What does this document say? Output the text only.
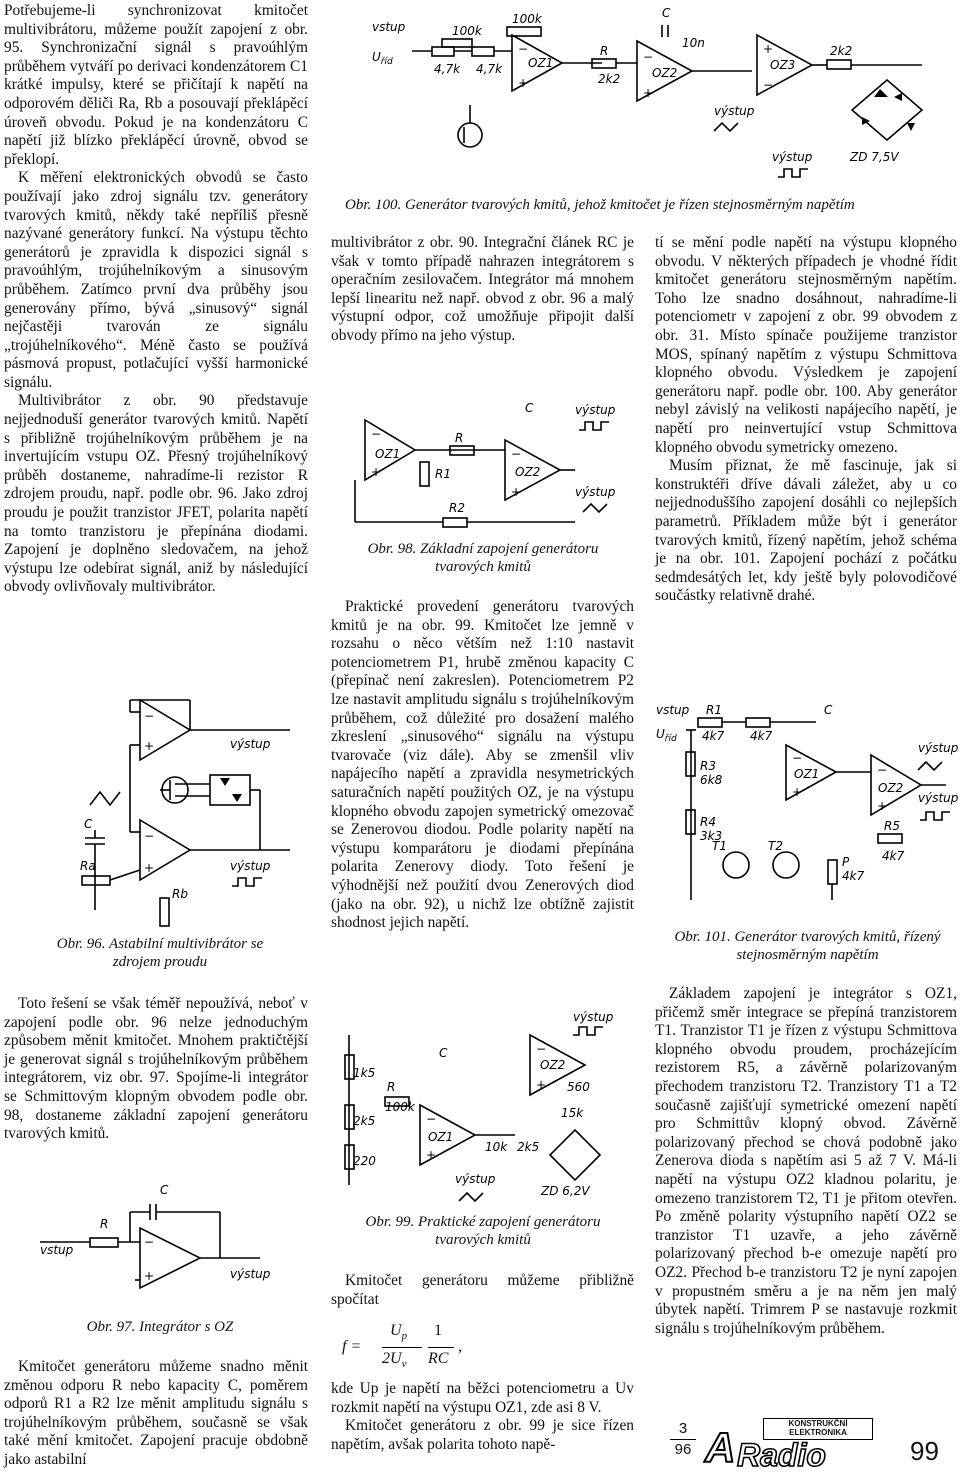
Potřebujeme-li synchronizovat kmitočet multivibrátoru, můžeme použít zapojení z obr. 95. Synchronizační signál s pravoúhlým průběhem vytváří po derivaci kondenzátorem C1 krátké impulsy, které se přičítají k napětí na odporovém děliči Ra, Rb a posouvají překlápěcí úroveň obvodu. Pokud je na kondenzátoru C napětí již blízko překlápěcí úrovně, obvod se překlopí.

K měření elektronických obvodů se často používají jako zdroj signálu tzv. generátory tvarových kmitů, někdy také nepříliš přesně nazývané generátory funkcí. Na výstupu těchto generátorů je zpravidla k dispozici signál s pravoúhlým, trojúhelníkovým a sinusovým průběhem. Zatímco první dva průběhy jsou generovány přímo, bývá „sinusový“ signál nejčastěji tvarován ze signálu „trojúhelníkového“. Méně často se používá pásmová propust, potlačující vyšší harmonické signálu.

Multivibrátor z obr. 90 představuje nejjednoduší generátor tvarových kmitů. Napětí s přibližně trojúhelníkovým průběhem je na invertujícím vstupu OZ. Přesný trojúhelníkový průběh dostaneme, nahradíme-li rezistor R zdrojem proudu, např. podle obr. 96. Jako zdroj proudu je použit tranzistor JFET, polarita napětí na tomto tranzistoru je přepínána diodami. Zapojení je doplněno sledovačem, na jehož výstupu lze odebírat signál, aniž by následující obvody ovlivňovaly multivibrátor.

−
+	výstup
C
−
+	výstup
Ra
Rb
Obr. 96. Astabilní multivibrátor se zdrojem proudu

Toto řešení se však téměř nepoužívá, neboť v zapojení podle obr. 96 nelze jednoduchým způsobem měnit kmitočet. Mnohem praktičtější je generovat signál s trojúhelníkovým průběhem integrátorem, viz obr. 97. Spojíme-li integrátor se Schmittovým klopným obvodem podle obr. 98, dostaneme základní zapojení generátoru tvarových kmitů.

C
−
+
R
vstup
výstup
Obr. 97. Integrátor s OZ

Kmitočet generátoru můžeme snadno měnit změnou odporu R nebo kapacity C, poměrem odporů R1 a R2 lze měnit amplitudu signálu s trojúhelníkovým průběhem, současně se však také mění kmitočet. Zapojení pracuje obdobně jako astabilní

vstup
$U_{říd}$	4,7k 4,7k
100k
100k
−
+
OZ1
R
2k2
C
10n
−
+
OZ2
výstup
+
−
OZ3
2k2
výstup	ZD 7,5V
Obr. 100. Generátor tvarových kmitů, jehož kmitočet je řízen stejnosměrným napětím

multivibrátor z obr. 90. Integrační článek RC je však v tomto případě nahrazen integrátorem s operačním zesilovačem. Integrátor má mnohem lepší linearitu než např. obvod z obr. 96 a malý výstupní odpor, což umožňuje připojit další obvody přímo na jeho výstup.

−
+
OZ1
R
C
−
+
OZ2
výstup
výstup
R1
R2
Obr. 98. Základní zapojení generátoru tvarových kmitů

Praktické provedení generátoru tvarových kmitů je na obr. 99. Kmitočet lze jemně v rozsahu o něco větším než 1:10 nastavit potenciometrem P1, hrubě změnou kapacity C (přepínač není zakreslen). Potenciometrem P2 lze nastavit amplitudu signálu s trojúhelníkovým průběhem, což důležité pro dosažení malého zkreslení „sinusového“ signálu na výstupu tvarovače (viz dále). Aby se zmenšil vliv napájecího napětí a zpravidla nesymetrických saturačních napětí použitých OZ, je na výstupu klopného obvodu zapojen symetrický omezovač se Zenerovou diodou. Podle polarity napětí na výstupu komparátoru je diodami přepínána polarita Zenerovy diody. Toto řešení je výhodnější než použití dvou Zenerových diod (jako na obr. 92), u nichž lze obtížně zajistit shodnost jejich napětí.

1k5
2k5
220
R
100k
C
−
+
OZ1
10k 2k5
−
+
OZ2
výstup
560
15k
výstup
ZD 6,2V
Obr. 99. Praktické zapojení generátoru tvarových kmitů

Kmitočet generátoru můžeme přibližně spočítat

f =
$U_p$
$2U_v$
1
RC
,

kde Up je napětí na běžci potenciometru a Uv rozkmit napětí na výstupu OZ1, zde asi 8 V.

Kmitočet generátoru z obr. 99 je sice řízen napětím, avšak polarita tohoto napě-

tí se mění podle napětí na výstupu klopného obvodu. V některých případech je vhodné řídit kmitočet generátoru stejnosměrným napětím. Toho lze snadno dosáhnout, nahradíme-li potenciometr v zapojení z obr. 99 obvodem z obr. 31. Místo spínače použijeme tranzistor MOS, spínaný napětím z výstupu Schmittova klopného obvodu. Výsledkem je zapojení generátoru např. podle obr. 100. Aby generátor nebyl závislý na velikosti napájecího napětí, je napětí pro neinvertující vstup Schmittova klopného obvodu symetricky omezeno.

Musím přiznat, že mě fascinuje, jak si konstruktéři dříve dávali záležet, aby u co nejjednoduššího zapojení dosáhli co nejlepších parametrů. Příkladem může být i generátor tvarových kmitů, řízený napětím, jehož schéma je na obr. 101. Zapojení pochází z počátku sedmdesátých let, kdy ještě byly polovodičové součástky relativně drahé.

vstup
$U_{říd}$
R1
4k7 4k7
C
R3
6k8
R4
3k3
−
+
OZ1	−
+
OZ2
výstup
R5
4k7
výstup
T1	T2
P
4k7
Obr. 101. Generátor tvarových kmitů, řízený stejnosměrným napětím

Základem zapojení je integrátor s OZ1, přičemž směr integrace se přepíná tranzistorem T1. Tranzistor T1 je řízen z výstupu Schmittova klopného obvodu proudem, procházejícím rezistorem R5, a závěrně polarizovaným přechodem tranzistoru T2. Tranzistory T1 a T2 současně zajišťují symetrické omezení napětí pro Schmittův klopný obvod. Závěrně polarizovaný přechod se chová podobně jako Zenerova dioda s napětím asi 5 až 7 V. Má-li napětí na výstupu OZ2 kladnou polaritu, je omezeno tranzistorem T2, T1 je přitom otevřen. Po změně polarity výstupního napětí OZ2 se tranzistor T1 uzavře, a jeho závěrně polarizovaný přechod b-e omezuje napětí pro OZ2. Přechod b-e tranzistoru T2 je nyní zapojen v propustném směru a je na něm jen malý úbytek napětí. Trimrem P se nastavuje rozkmit signálu s trojúhelníkovým průběhem.

3
96
KONSTRUKČNÍ
ELEKTRONIKA
A Radio	99
